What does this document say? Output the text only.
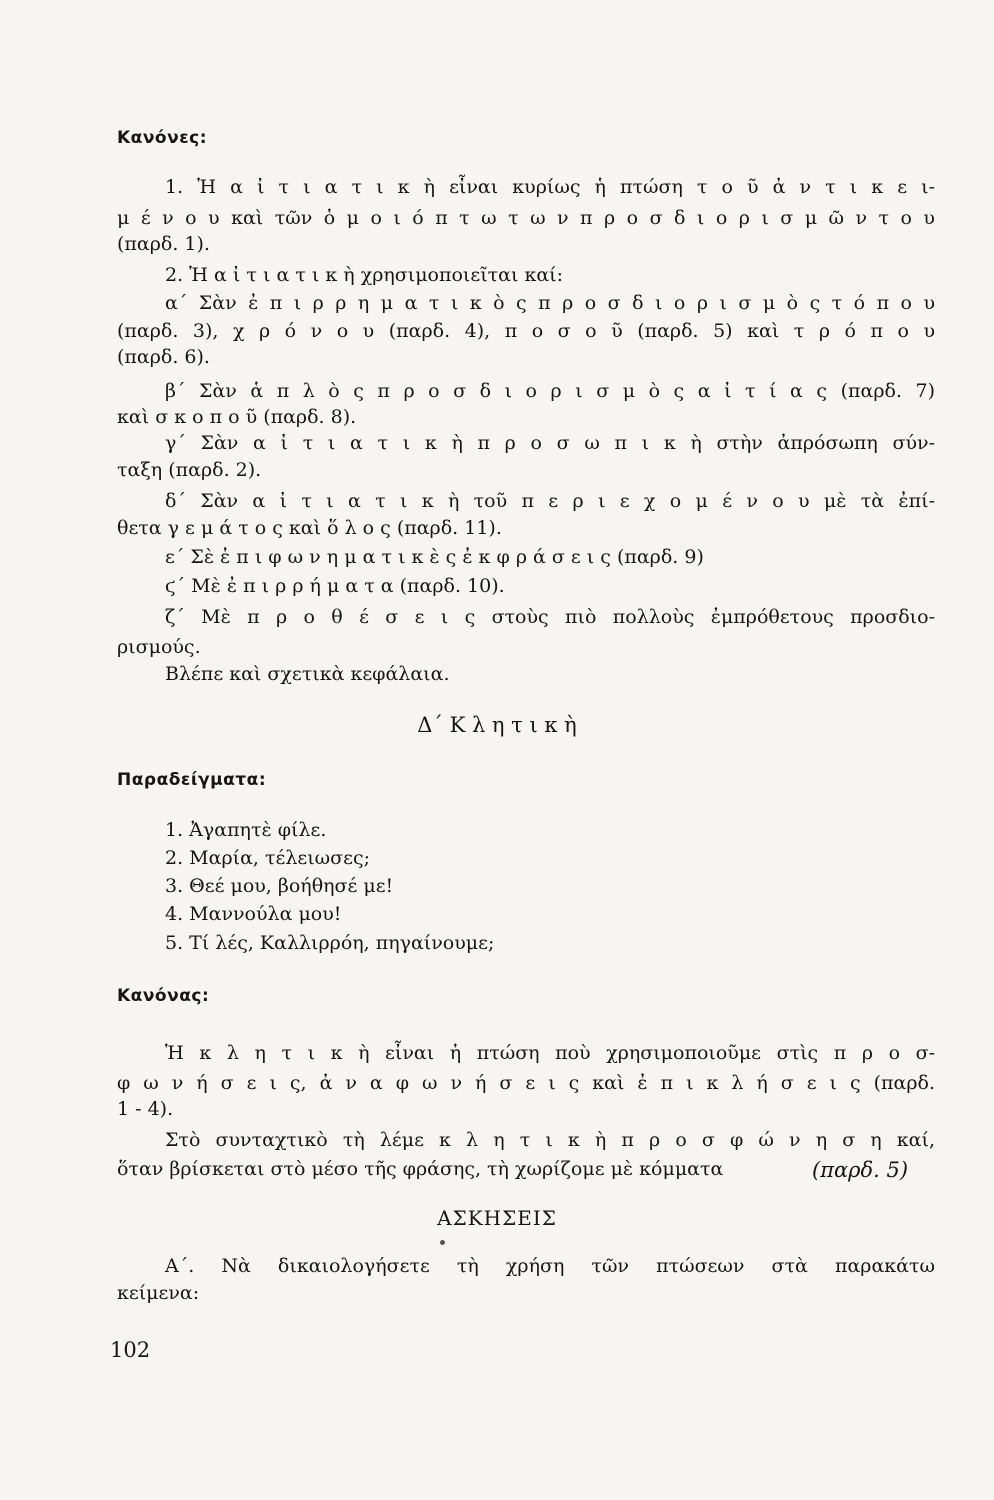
Κανόνες:
1. Ἡ α ἰ τ ι α τ ι κ ὴ εἶναι κυρίως ἡ πτώση τ ο ῦ ἀ ν τ ι κ ε ι-
μ έ ν ο υ καὶ τῶν ὁ μ ο ι ό π τ ω τ ω ν π ρ ο σ δ ι ο ρ ι σ μ ῶ ν τ ο υ
(παρδ. 1).
2. Ἡ α ἰ τ ι α τ ι κ ὴ χρησιμοποιεῖται καί:
α΄ Σὰν ἐ π ι ρ ρ η μ α τ ι κ ὸ ς π ρ ο σ δ ι ο ρ ι σ μ ὸ ς τ ό π ο υ
(παρδ. 3), χ ρ ό ν ο υ (παρδ. 4), π ο σ ο ῦ (παρδ. 5) καὶ τ ρ ό π ο υ
(παρδ. 6).
β΄ Σὰν ἁ π λ ὸ ς π ρ ο σ δ ι ο ρ ι σ μ ὸ ς α ἰ τ ί α ς (παρδ. 7)
καὶ σ κ ο π ο ῦ (παρδ. 8).
γ΄ Σὰν α ἰ τ ι α τ ι κ ὴ π ρ ο σ ω π ι κ ὴ στὴν ἀπρόσωπη σύν-
ταξη (παρδ. 2).
δ΄ Σὰν α ἰ τ ι α τ ι κ ὴ τοῦ π ε ρ ι ε χ ο μ έ ν ο υ μὲ τὰ ἐπί-
θετα γ ε μ ά τ ο ς καὶ ὅ λ ο ς (παρδ. 11).
ε΄ Σὲ ἐ π ι φ ω ν η μ α τ ι κ ὲ ς ἐ κ φ ρ ά σ ε ι ς (παρδ. 9)
ϛ΄ Μὲ ἐ π ι ρ ρ ή μ α τ α (παρδ. 10).
ζ΄ Μὲ π ρ ο θ έ σ ε ι ς στοὺς πιὸ πολλοὺς ἐμπρόθετους προσδιο-
ρισμούς.
Βλέπε καὶ σχετικὰ κεφάλαια.
Δ΄ Κ λ η τ ι κ ὴ
Παραδείγματα:
1. Ἀγαπητὲ φίλε.
2. Μαρία, τέλειωσες;
3. Θεέ μου, βοήθησέ με!
4. Μαννούλα μου!
5. Τί λές, Καλλιρρόη, πηγαίνουμε;
Κανόνας:
Ἡ κ λ η τ ι κ ὴ εἶναι ἡ πτώση ποὺ χρησιμοποιοῦμε στὶς π ρ ο σ-
φ ω ν ή σ ε ι ς, ἀ ν α φ ω ν ή σ ε ι ς καὶ ἐ π ι κ λ ή σ ε ι ς (παρδ.
1 - 4).
Στὸ συνταχτικὸ τὴ λέμε κ λ η τ ι κ ὴ π ρ ο σ φ ώ ν η σ η καί,
ὅταν βρίσκεται στὸ μέσο τῆς φράσης, τὴ χωρίζομε μὲ κόμματα	(παρδ. 5)
ΑΣΚΗΣΕΙΣ
Α΄. Νὰ δικαιολογήσετε τὴ χρήση τῶν πτώσεων στὰ παρακάτω
κείμενα:
102
